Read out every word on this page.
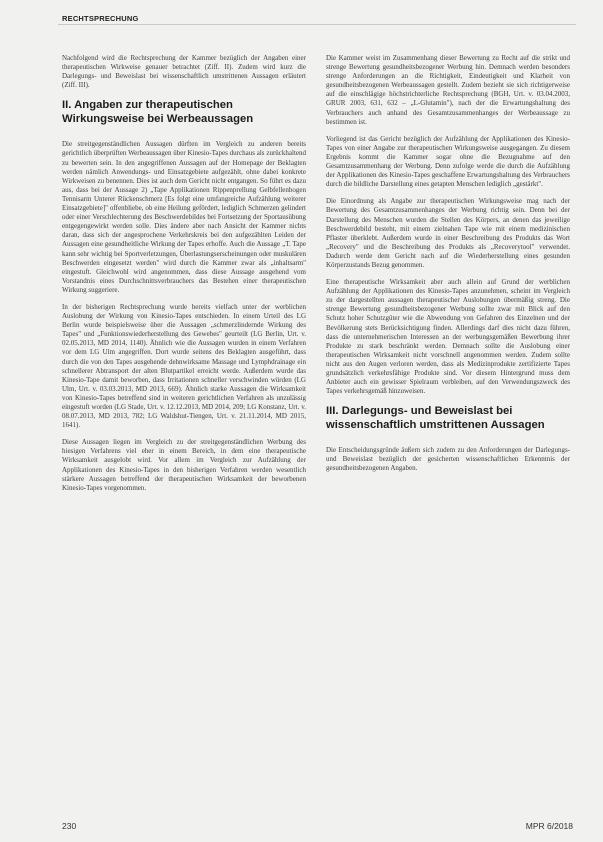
RECHTSPRECHUNG

Nachfolgend wird die Rechtsprechung der Kammer bezüglich der Angaben einer therapeutischen Wirkweise genauer betrachtet (Ziff. II). Zudem wird kurz die Darlegungs- und Beweislast bei wissenschaftlich umstrittenen Aussagen erläutert (Ziff. III).

II. Angaben zur therapeutischen Wirkungsweise bei Werbeaussagen

Die streitgegenständlichen Aussagen dürften im Vergleich zu anderen bereits gerichtlich überprüften Werbeaussagen über Kinesio-Tapes durchaus als zurückhaltend zu bewerten sein. In den angegriffenen Aussagen auf der Homepage der Beklagten werden nämlich Anwendungs- und Einsatzgebiete aufgezählt, ohne dabei konkrete Wirkweisen zu benennen. Dies ist auch dem Gericht nicht entgangen. So führt es dazu aus, dass bei der Aussage 2) „Tape Applikationen Rippenprellung Gelbfellenbogen Tennisarm Unterer Rückenschmerz [Es folgt eine umfangreiche Aufzählung weiterer Einsatzgebiete]" offenbliebe, ob eine Heilung gefördert, lediglich Schmerzen gelindert oder einer Verschlechterung des Beschwerdebildes bei Fortsetzung der Sportausübung entgegengewirkt werden solle. Dies ändere aber nach Ansicht der Kammer nichts daran, dass sich der angesprochene Verkehrskreis bei den aufgezählten Leiden der Aussagen eine gesundheitliche Wirkung der Tapes erhoffe. Auch die Aussage „T. Tape kann sehr wichtig bei Sportverletzungen, Überlastungserscheinungen oder muskulären Beschwerden eingesetzt werden" wird durch die Kammer zwar als „inhaltsarm" eingestuft. Gleichwohl wird angenommen, dass diese Aussage ausgehend vom Vorstandnis eines Durchschnittsverbrauchers das Bestehen einer therapeutischen Wirkung suggeriere.

In der bisherigen Rechtsprechung wurde bereits vielfach unter der werblichen Auslobung der Wirkung von Kinesio-Tapes entschieden. In einem Urteil des LG Berlin wurde beispielsweise über die Aussagen „schmerzlindernde Wirkung des Tapes" und „Funktionswiederherstellung des Gewebes" geurteilt (LG Berlin, Urt. v. 02.05.2013, MD 2014, 1140). Ähnlich wie die Aussagen wurden in einem Verfahren vor dem LG Ulm angegriffen. Dort wurde seitens des Beklagten ausgeführt, dass durch die von den Tapes ausgehende dehnwirksame Massage und Lymphdrainage ein schnellerer Abtransport der alten Blutpartikel erreicht werde. Außerdem wurde das Kinesio-Tape damit beworben, dass Irritationen schneller verschwinden würden (LG Ulm, Urt. v. 03.03.2013, MD 2013, 669). Ähnlich starke Aussagen die Wirksamkeit von Kinesio-Tapes betreffend sind in weiteren gerichtlichen Verfahren als unzulässig eingestuft worden (LG Stade, Urt. v. 12.12.2013, MD 2014, 209; LG Konstanz, Urt. v. 08.07.2013, MD 2013, 782; LG Waldshut-Tiengen, Urt. v. 21.11.2014, MD 2015, 1641).

Diese Aussagen liegen im Vergleich zu der streitgegenständlichen Werbung des hiesigen Verfahrens viel eher in einem Bereich, in dem eine therapeutische Wirksamkeit ausgelobt wird. Vor allem im Vergleich zur Aufzählung der Applikationen des Kinesio-Tapes in den bisherigen Verfahren werden wesentlich stärkere Aussagen betreffend der therapeutischen Wirksamkeit der beworbenen Kinesio-Tapes vorgenommen.

Die Kammer weist im Zusammenhang dieser Bewertung zu Recht auf die strikt und strenge Bewertung gesundheitsbezogener Werbung hin. Demnach werden besonders strenge Anforderungen an die Richtigkeit, Eindeutigkeit und Klarheit von gesundheitsbezogenen Werbeaussagen gestellt. Zudem bezieht sie sich richtigerweise auf die einschlägige höchstrichterliche Rechtsprechung (BGH, Urt. v. 03.04.2003, GRUR 2003, 631, 632 – „L-Glutamin"), nach der die Erwartungshaltung des Verbrauchers auch anhand des Gesamtzusammenhanges der Werbeaussage zu bestimmen ist.

Vorliegend ist das Gericht bezüglich der Aufzählung der Applikationen des Kinesio-Tapes von einer Angabe zur therapeutischen Wirkungsweise ausgegangen. Zu diesem Ergebnis kommt die Kammer sogar ohne die Bezugnahme auf den Gesamtzusammenhang der Werbung. Denn zufolge werde die durch die Aufzählung der Applikationen des Kinesio-Tapes geschaffene Erwartungshaltung des Verbrauchers durch die bildliche Darstellung eines getapten Menschen lediglich „gestärkt".

Die Einordnung als Angabe zur therapeutischen Wirkungsweise mag nach der Bewertung des Gesamtzusammenhanges der Werbung richtig sein. Denn bei der Darstellung des Menschen wurden die Stellen des Körpers, an denen das jeweilige Beschwerdebild besteht, mit einem zielnahen Tape wie mit einem medizinischen Pflaster überklebt. Außerdem wurde in einer Beschreibung des Produkts das Wort „Recovery" und die Beschreibung des Produkts als „Recoverytool" verwendet. Dadurch werde dem Gericht nach auf die Wiederherstellung eines gesunden Körperzustands Bezug genommen.

Eine therapeutische Wirksamkeit aber auch allein auf Grund der werblichen Aufzählung der Applikationen des Kinesio-Tapes anzunehmen, scheint im Vergleich zu der dargestellten aussagen therapeutischer Auslobungen übermäßig streng. Die strenge Bewertung gesundheitsbezogener Werbung sollte zwar mit Blick auf den Schutz hoher Schutzgüter wie die Abwendung von Gefahren des Einzelnen und der Bevölkerung stets Berücksichtigung finden. Allerdings darf dies nicht dazu führen, dass die unternehmerischen Interessen an der werbungsgemäßen Bewerbung ihrer Produkte zu stark beschränkt werden. Demnach sollte die Auslobung einer therapeutischen Wirksamkeit nicht vorschnell angenommen werden. Zudem sollte nicht aus den Augen verloren werden, dass als Medizinprodukte zertifizierte Tapes grundsätzlich verkehrsfähige Produkte sind. Vor diesem Hintergrund muss dem Anbieter auch ein gewisser Spielraum verbleiben, auf den Verwendungszweck des Tapes verkehrsgemäß hinzuweisen.

III. Darlegungs- und Beweislast bei wissenschaftlich umstrittenen Aussagen

Die Entscheidungsgründe äußern sich zudem zu den Anforderungen der Darlegungs- und Beweislast bezüglich der gesicherten wissenschaftlichen Erkenntnis der gesundheitsbezogenen Angaben.

230	MPR 6/2018
